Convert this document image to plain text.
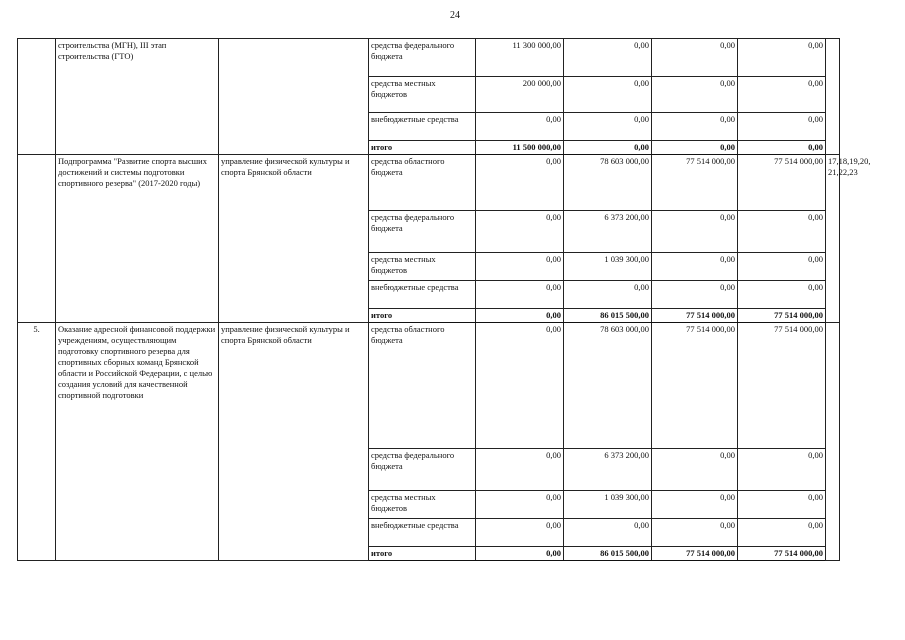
24
	строительства (МГН), III этап строительства (ГТО)		средства федерального бюджета	11 300 000,00	0,00	0,00	0,00	
			средства местных бюджетов	200 000,00	0,00	0,00	0,00	
			внебюджетные средства	0,00	0,00	0,00	0,00	
			итого	11 500 000,00	0,00	0,00	0,00	
	Подпрограмма "Развитие спорта высших достижений и системы подготовки спортивного резерва" (2017-2020 годы)	управление физической культуры и спорта Брянской области	средства областного бюджета	0,00	78 603 000,00	77 514 000,00	77 514 000,00	17,18,19,20, 21,22,23
			средства федерального бюджета	0,00	6 373 200,00	0,00	0,00	
			средства местных бюджетов	0,00	1 039 300,00	0,00	0,00	
			внебюджетные средства	0,00	0,00	0,00	0,00	
			итого	0,00	86 015 500,00	77 514 000,00	77 514 000,00	
5.	Оказание адресной финансовой поддержки учреждениям, осуществляющим подготовку спортивного резерва для спортивных сборных команд Брянской области и Российской Федерации, с целью создания условий для качественной спортивной подготовки	управление физической культуры и спорта Брянской области	средства областного бюджета	0,00	78 603 000,00	77 514 000,00	77 514 000,00	
			средства федерального бюджета	0,00	6 373 200,00	0,00	0,00	
			средства местных бюджетов	0,00	1 039 300,00	0,00	0,00	
			внебюджетные средства	0,00	0,00	0,00	0,00	
			итого	0,00	86 015 500,00	77 514 000,00	77 514 000,00	
